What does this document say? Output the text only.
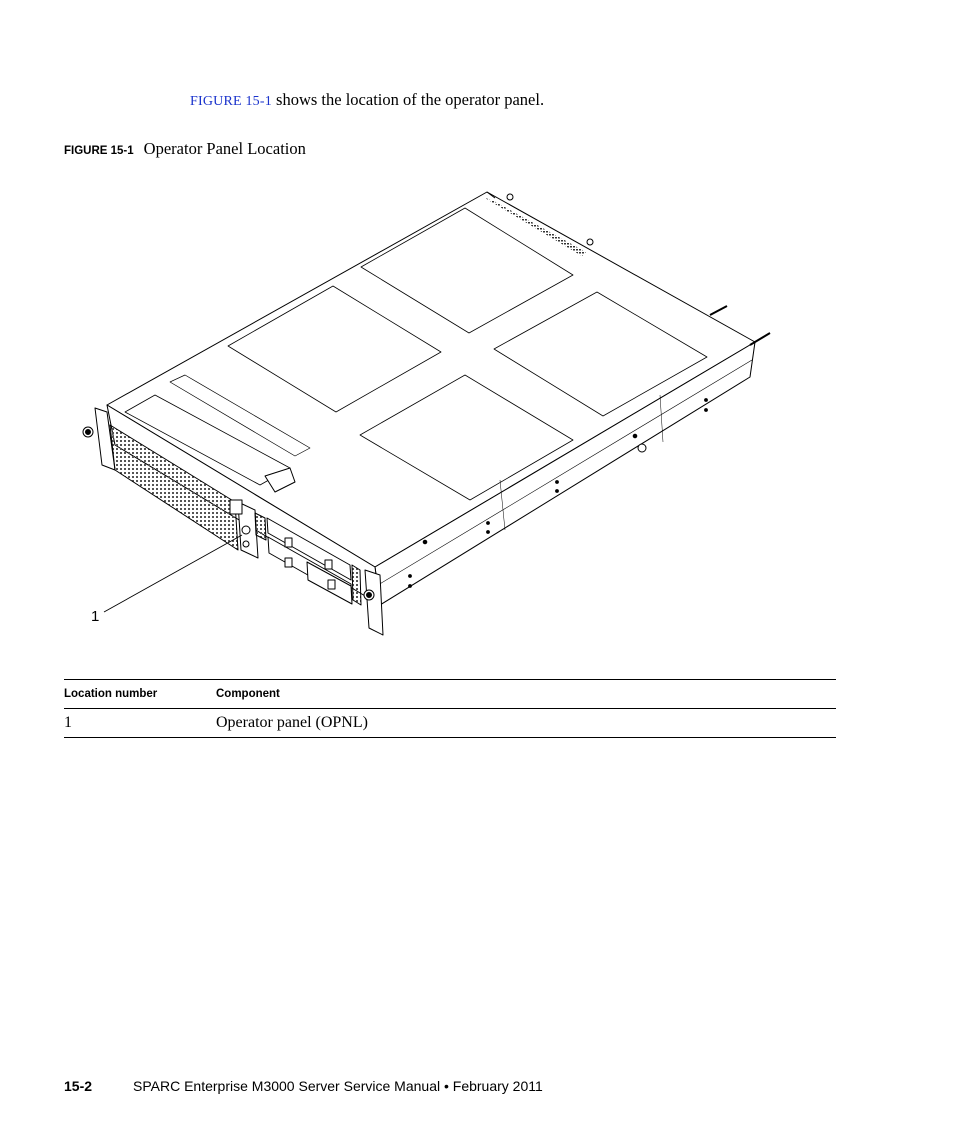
FIGURE 15-1 shows the location of the operator panel.
FIGURE 15-1 Operator Panel Location
1
Location number	Component
1	Operator panel (OPNL)
15-2	SPARC Enterprise M3000 Server Service Manual • February 2011
